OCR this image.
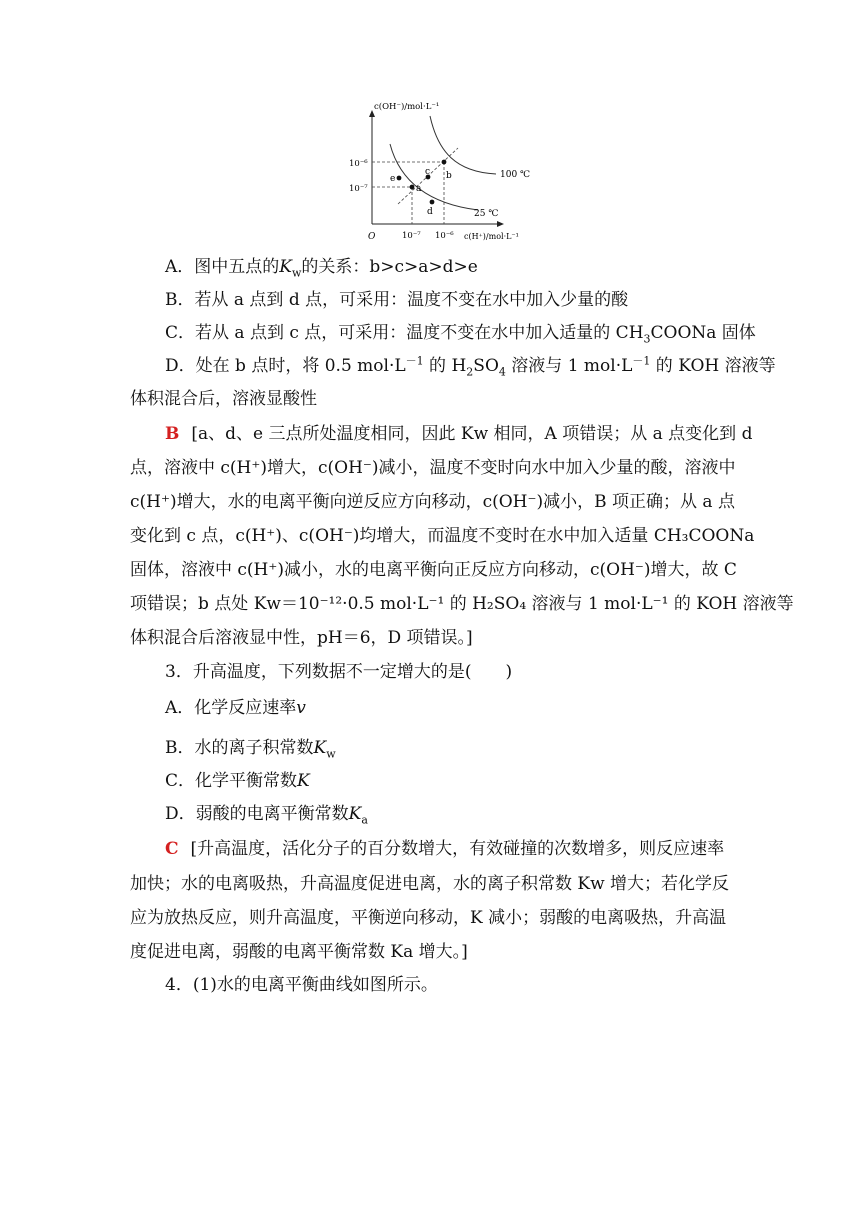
c(OH⁻)/mol·L⁻¹
c(H⁺)/mol·L⁻¹
O
10⁻⁶
10⁻⁷
10⁻⁷ 10⁻⁶
100 ℃
25 ℃
e
a
c b
d
A．图中五点的$K_w$的关系：b>c>a>d>e
B．若从 a 点到 d 点，可采用：温度不变在水中加入少量的酸
C．若从 a 点到 c 点，可采用：温度不变在水中加入适量的 $CH_3COONa$ 固体
D．处在 b 点时，将 0.5 $mol\cdot L^{-1}$ 的 $H_2SO_4$ 溶液与 1 $mol\cdot L^{-1}$ 的 KOH 溶液等
体积混合后，溶液显酸性
B [a、d、e 三点所处温度相同，因此 Kw 相同，A 项错误；从 a 点变化到 d
点，溶液中 c(H⁺)增大，c(OH⁻)减小，温度不变时向水中加入少量的酸，溶液中
c(H⁺)增大，水的电离平衡向逆反应方向移动，c(OH⁻)减小，B 项正确；从 a 点
变化到 c 点，c(H⁺)、c(OH⁻)均增大，而温度不变时在水中加入适量 CH₃COONa
固体，溶液中 c(H⁺)减小，水的电离平衡向正反应方向移动，c(OH⁻)增大，故 C
项错误；b 点处 Kw＝10⁻¹²·0.5 mol·L⁻¹ 的 H₂SO₄ 溶液与 1 mol·L⁻¹ 的 KOH 溶液等
体积混合后溶液显中性，pH＝6，D 项错误。]
3．升高温度，下列数据不一定增大的是(　　)
A．化学反应速率v
B．水的离子积常数$K_w$
C．化学平衡常数K
D．弱酸的电离平衡常数$K_a$
C [升高温度，活化分子的百分数增大，有效碰撞的次数增多，则反应速率
加快；水的电离吸热，升高温度促进电离，水的离子积常数 Kw 增大；若化学反
应为放热反应，则升高温度，平衡逆向移动，K 减小；弱酸的电离吸热，升高温
度促进电离，弱酸的电离平衡常数 Ka 增大。]
4．(1)水的电离平衡曲线如图所示。
